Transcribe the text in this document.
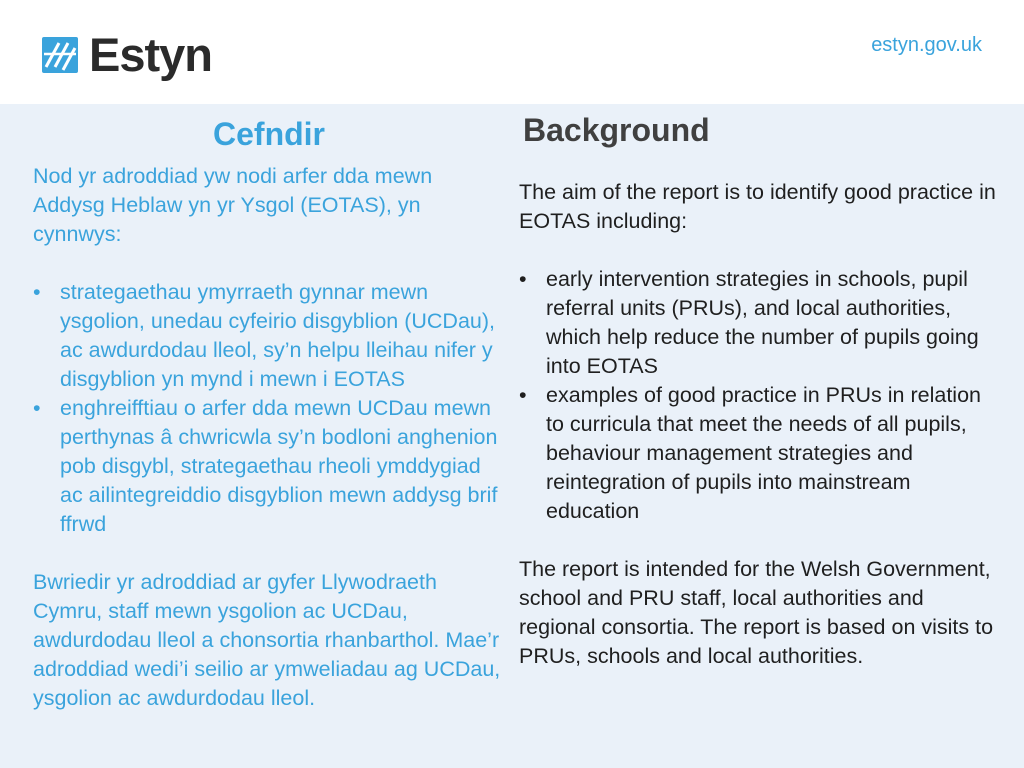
Estyn	estyn.gov.uk
Cefndir

Nod yr adroddiad yw nodi arfer dda mewn Addysg Heblaw yn yr Ysgol (EOTAS), yn cynnwys:

• strategaethau ymyrraeth gynnar mewn ysgolion, unedau cyfeirio disgyblion (UCDau), ac awdurdodau lleol, sy’n helpu lleihau nifer y disgyblion yn mynd i mewn i EOTAS
• enghreifftiau o arfer dda mewn UCDau mewn perthynas â chwricwla sy’n bodloni anghenion pob disgybl, strategaethau rheoli ymddygiad ac ailintegreiddio disgyblion mewn addysg brif ffrwd

Bwriedir yr adroddiad ar gyfer Llywodraeth Cymru, staff mewn ysgolion ac UCDau, awdurdodau lleol a chonsortia rhanbarthol. Mae’r adroddiad wedi’i seilio ar ymweliadau ag UCDau, ysgolion ac awdurdodau lleol.

Background

The aim of the report is to identify good practice in EOTAS including:

• early intervention strategies in schools, pupil referral units (PRUs), and local authorities, which help reduce the number of pupils going into EOTAS
• examples of good practice in PRUs in relation to curricula that meet the needs of all pupils, behaviour management strategies and reintegration of pupils into mainstream education

The report is intended for the Welsh Government, school and PRU staff, local authorities and regional consortia. The report is based on visits to PRUs, schools and local authorities.
